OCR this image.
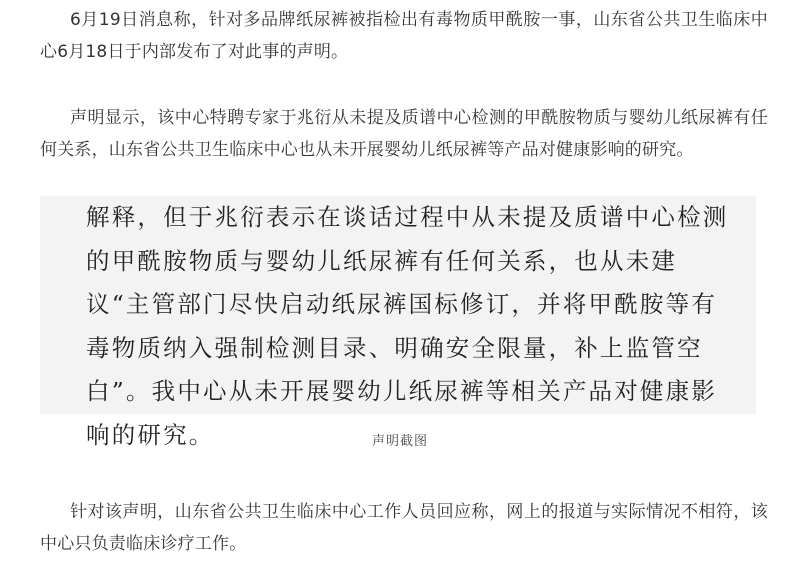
6月19日消息称，针对多品牌纸尿裤被指检出有毒物质甲酰胺一事，山东省公共卫生临床中心6月18日于内部发布了对此事的声明。

声明显示，该中心特聘专家于兆衍从未提及质谱中心检测的甲酰胺物质与婴幼儿纸尿裤有任何关系，山东省公共卫生临床中心也从未开展婴幼儿纸尿裤等产品对健康影响的研究。

解释，但于兆衍表示在谈话过程中从未提及质谱中心检测的甲酰胺物质与婴幼儿纸尿裤有任何关系，也从未建议“主管部门尽快启动纸尿裤国标修订，并将甲酰胺等有毒物质纳入强制检测目录、明确安全限量，补上监管空白”。我中心从未开展婴幼儿纸尿裤等相关产品对健康影响的研究。	声明截图

针对该声明，山东省公共卫生临床中心工作人员回应称，网上的报道与实际情况不相符，该中心只负责临床诊疗工作。
